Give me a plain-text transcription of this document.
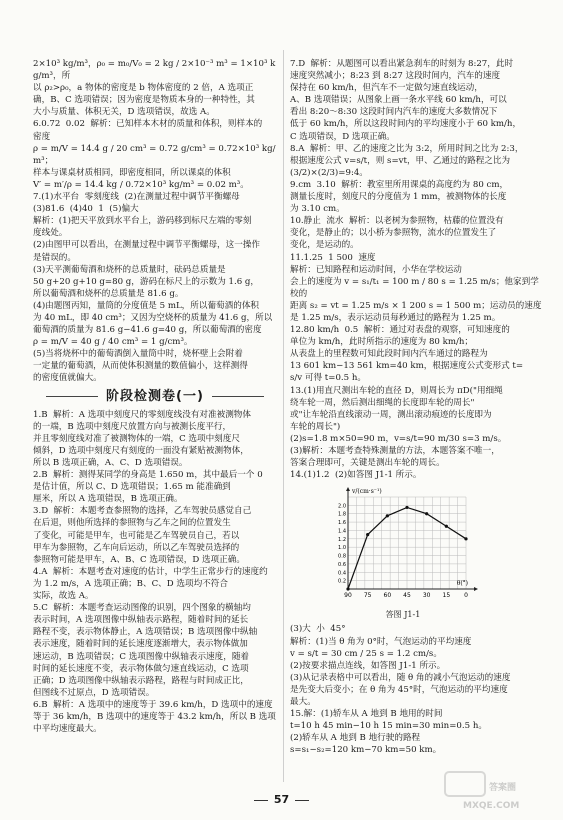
2×10³ kg/m³，ρ₀ = m₀/V₀ = 2 kg / 2×10⁻³ m³ = 1×10³ kg/m³，所

以 ρ₂>ρ₀，a 物体的密度是 b 物体密度的 2 倍，A 选项正

确，B、C 选项错误；因为密度是物质本身的一种特性，其

大小与质量、体积无关，D 选项错误，故选 A。

6.0.72  0.02  解析：已知样本木材的质量和体积，则样本的

密度

ρ = m/V = 14.4 g / 20 cm³ = 0.72 g/cm³ = 0.72×10³ kg/m³；

样本与课桌材质相同，即密度相同，所以课桌的体积

V′ = m′/ρ = 14.4 kg / 0.72×10³ kg/m³ = 0.02 m³。

7.(1)水平台  零刻度线  (2)在测量过程中调节平衡螺母

(3)81.6  (4)40  1  (5)偏大

解析：(1)把天平放到水平台上，游码移到标尺左端的零刻

度线处。

(2)由图甲可以看出，在测量过程中调节平衡螺母，这一操作

是错误的。

(3)天平测葡萄酒和烧杯的总质量时，砝码总质量是

50 g+20 g+10 g=80 g，游码在标尺上的示数为 1.6 g，

所以葡萄酒和烧杯的总质量是 81.6 g。

(4)由题图丙知，量筒的分度值是 5 mL，所以葡萄酒的体积

为 40 mL，即 40 cm³；又因为空烧杯的质量为 41.6 g，所以

葡萄酒的质量为 81.6 g−41.6 g=40 g，所以葡萄酒的密度

ρ = m/V = 40 g / 40 cm³ = 1 g/cm³。

(5)当将烧杯中的葡萄酒倒入量筒中时，烧杯壁上会附着

一定量的葡萄酒，从而使体积测量的数值偏小，这样测得

的密度值就偏大。

阶段检测卷(一)

1.B  解析：A 选项中刻度尺的零刻度线没有对准被测物体

的一端，B 选项中刻度尺放置方向与被测长度平行，

并且零刻度线对准了被测物体的一端，C 选项中刻度尺

倾斜，D 选项中刻度尺有刻度的一面没有紧贴被测物体，

所以 B 选项正确，A、C、D 选项错误。

2.B  解析：测得某同学的身高是 1.650 m，其中最后一个 0

是估计值，所以 C、D 选项错误；1.65 m 能准确到

厘米，所以 A 选项错误，B 选项正确。

3.D  解析：本题考查参照物的选择，乙车驾驶员感觉自己

在后退，则他所选择的参照物与乙车之间的位置发生

了变化，可能是甲车，也可能是乙车驾驶员自己，若以

甲车为参照物，乙车向后运动，所以乙车驾驶员选择的

参照物可能是甲车，A、B、C 选项错误，D 选项正确。

4.A  解析：本题考查对速度的估计，中学生正常步行的速度约

为 1.2 m/s，A 选项正确；B、C、D 选项均不符合

实际，故选 A。

5.C  解析：本题考查运动图像的识别，四个图象的横轴均

表示时间，A 选项图像中纵轴表示路程，随着时间的延长

路程不变，表示物体静止，A 选项错误；B 选项图像中纵轴

表示速度，随着时间的延长速度逐渐增大，表示物体做加

速运动，B 选项错误；C 选项图像中纵轴表示速度，随着

时间的延长速度不变，表示物体做匀速直线运动，C 选项

正确；D 选项图像中纵轴表示路程，路程与时间成正比，

但图线不过原点，D 选项错误。

6.B  解析：A 选项中的速度等于 39.6 km/h，D 选项中的速度

等于 36 km/h，B 选项中的速度等于 43.2 km/h，所以 B 选项

中平均速度最大。

7.D  解析：从题图可以看出紧急刹车的时刻为 8:27，此时

速度突然减小；8:23 到 8:27 这段时间内，汽车的速度

保持在 60 km/h，但汽车不一定做匀速直线运动，

A、B 选项错误；从图象上画一条水平线 60 km/h，可以

看出 8:20～8:30 这段时间内汽车的速度大多数情况下

低于 60 km/h，所以这段时间内的平均速度小于 60 km/h，

C 选项错误，D 选项正确。

8.A  解析：甲、乙的速度之比为 3:2，所用时间之比为 2:3，

根据速度公式 v=s/t，则 s=vt，甲、乙通过的路程之比为

(3/2)×(2/3)=9:4。

9.cm  3.10  解析：教室里所用课桌的高度约为 80 cm，

测量长度时，刻度尺的分度值为 1 mm，被测物体的长度

为 3.10 cm。

10.静止  流水  解析：以老树为参照物，枯藤的位置没有

变化，是静止的；以小桥为参照物，流水的位置发生了

变化，是运动的。

11.1.25  1 500  速度

解析：已知路程和运动时间，小华在学校运动

会上的速度为 v = s₁/t₁ = 100 m / 80 s = 1.25 m/s；他家到学校的

距离 s₂ = vt = 1.25 m/s × 1 200 s = 1 500 m；运动员的速度

是 1.25 m/s，表示运动员每秒通过的路程为 1.25 m。

12.80 km/h  0.5  解析：通过对表盘的观察，可知速度的

单位为 km/h，此时所指示的速度为 80 km/h；

从表盘上的里程数可知此段时间内汽车通过的路程为

13 601 km−13 561 km=40 km，根据速度公式变形式 t=

s/v 可得 t=0.5 h。

13.(1)用直尺测出车轮的直径 D，则周长为 πD("用细绳

绕车轮一周，然后测出细绳的长度即车轮的周长"

或"让车轮沿直线滚动一周，测出滚动痕迹的长度即为

车轮的周长")

(2)s=1.8 m×50=90 m，v=s/t=90 m/30 s=3 m/s。

(3)解析：本题考查特殊测量的方法，本题答案不唯一，

答案合理即可，关键是测出车轮的周长。

14.(1)1.2  (2)如答图 J1-1 所示。

90 75 60 45 30 15 0
0.2
0.4
0.6
0.8
1.0
1.2
1.4
1.6
1.8
2.0
θ(°)
v/(cm·s⁻¹)
答图 J1-1

(3)大  小  45°

解析：(1)当 θ 角为 0°时，气泡运动的平均速度

v = s/t = 30 cm / 25 s = 1.2 cm/s。

(2)按要求描点连线，如答图 J1-1 所示。

(3)从记录表格中可以看出，随 θ 角的减小气泡运动的速度

是先变大后变小；在 θ 角为 45°时，气泡运动的平均速度

最大。

15.解：(1)轿车从 A 地到 B 地用的时间

t=10 h 45 min−10 h 15 min=30 min=0.5 h。

(2)轿车从 A 地到 B 地行驶的路程

s=s₁−s₂=120 km−70 km=50 km。

57
答案圈
MXQE.COM
